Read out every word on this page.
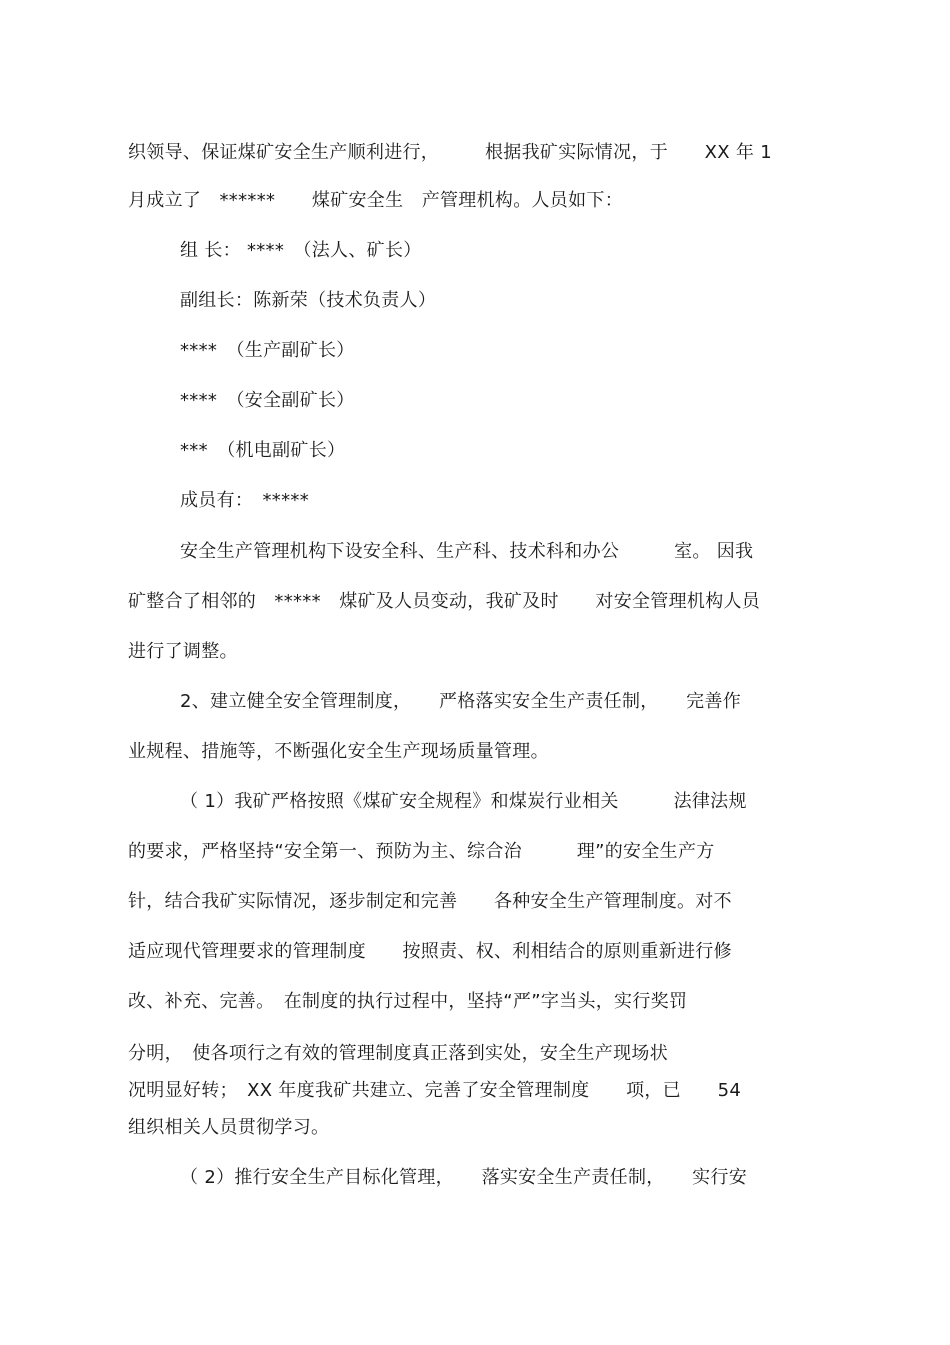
织领导、保证煤矿安全生产顺利进行，　　　根据我矿实际情况，于　　XX 年 1
月成立了　******　　煤矿安全生　产管理机构。人员如下：
组 长： ****　（法人、矿长）
副组长：陈新荣（技术负责人）
****　（生产副矿长）
****　（安全副矿长）
***　（机电副矿长）
成员有：　*****
安全生产管理机构下设安全科、生产科、技术科和办公　　　室。 因我
矿整合了相邻的　*****　煤矿及人员变动，我矿及时　　对安全管理机构人员
进行了调整。
2、建立健全安全管理制度，　　严格落实安全生产责任制，　　完善作
业规程、措施等，不断强化安全生产现场质量管理。
（ 1）我矿严格按照《煤矿安全规程》和煤炭行业相关　　　法律法规
的要求，严格坚持“安全第一、预防为主、综合治　　　理”的安全生产方
针，结合我矿实际情况，逐步制定和完善　　各种安全生产管理制度。对不
适应现代管理要求的管理制度　　按照责、权、利相结合的原则重新进行修
改、补充、完善。　在制度的执行过程中，坚持“严”字当头，实行奖罚
分明，　使各项行之有效的管理制度真正落到实处，安全生产现场状
况明显好转；　XX 年度我矿共建立、完善了安全管理制度　　项，已　　54
组织相关人员贯彻学习。
（ 2）推行安全生产目标化管理，　　落实安全生产责任制，　　实行安
